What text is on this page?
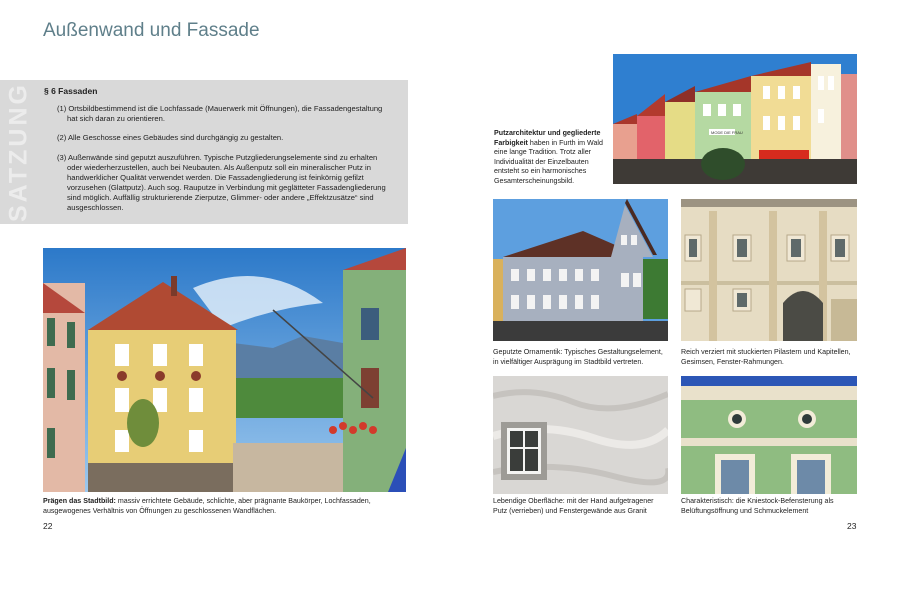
Außenwand und Fassade
SATZUNG § 6 Fassaden
(1) Ortsbildbestimmend ist die Lochfassade (Mauerwerk mit Öffnungen), die Fassadengestaltung hat sich daran zu orientieren.
(2) Alle Geschosse eines Gebäudes sind durchgängig zu gestalten.
(3) Außenwände sind geputzt auszuführen. Typische Putzgliederungselemente sind zu erhalten oder wiederherzustellen, auch bei Neubauten. Als Außenputz soll ein mineralischer Putz in handwerklicher Qualität verwendet werden. Die Fassadengliederung ist feinkörnig gefilzt vorzusehen (Glattputz). Auch sog. Rauputze in Verbindung mit geglätteter Fassadengliederung sind möglich. Auffällig strukturierende Zierputze, Glimmer- oder andere „Effektzusätze“ sind ausgeschlossen.
Prägen das Stadtbild: massiv errichtete Gebäude, schlichte, aber prägnante Baukörper, Lochfassaden, ausgewogenes Verhältnis von Öffnungen zu geschlossenen Wandflächen.
22
MODE DIE FRAU
Putzarchitektur und gegliederte Farbigkeit haben in Furth im Wald eine lange Tradition. Trotz aller Individualität der Einzelbauten entsteht so ein harmonisches Gesamterscheinungsbild.
Geputzte Ornamentik: Typisches Gestaltungselement, in vielfältiger Ausprägung im Stadtbild vertreten.
Reich verziert mit stuckierten Pilastern und Kapitellen, Gesimsen, Fenster-Rahmungen.
Lebendige Oberfläche: mit der Hand aufgetragener Putz (verrieben) und Fenstergewände aus Granit
Charakteristisch: die Kniestock-Befensterung als Belüftungsöffnung und Schmuckelement
23
